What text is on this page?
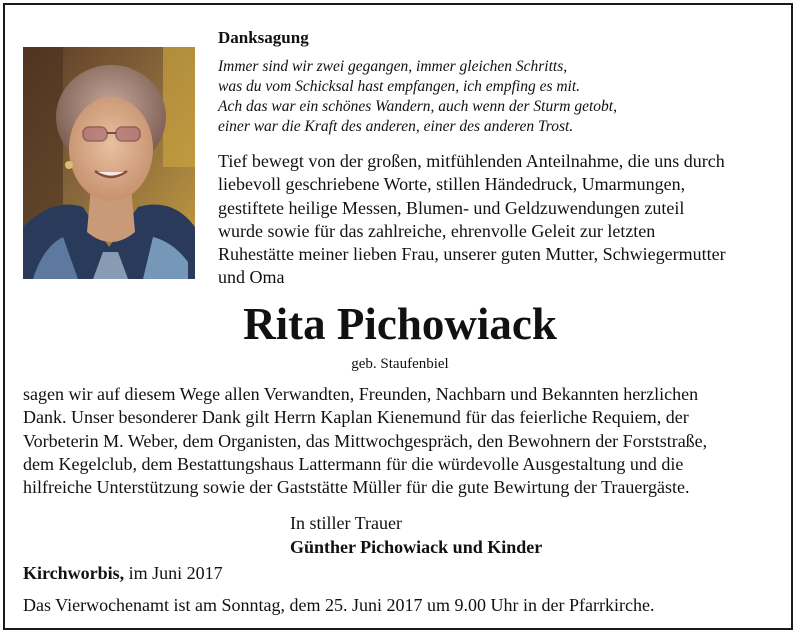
Danksagung
Immer sind wir zwei gegangen, immer gleichen Schritts,
was du vom Schicksal hast empfangen, ich empfing es mit.
Ach das war ein schönes Wandern, auch wenn der Sturm getobt,
einer war die Kraft des anderen, einer des anderen Trost.
Tief bewegt von der großen, mitfühlenden Anteilnahme, die uns durch
liebevoll geschriebene Worte, stillen Händedruck, Umarmungen,
gestiftete heilige Messen, Blumen- und Geldzuwendungen zuteil
wurde sowie für das zahlreiche, ehrenvolle Geleit zur letzten
Ruhestätte meiner lieben Frau, unserer guten Mutter, Schwiegermutter
und Oma
Rita Pichowiack
geb. Staufenbiel
sagen wir auf diesem Wege allen Verwandten, Freunden, Nachbarn und Bekannten herzlichen
Dank. Unser besonderer Dank gilt Herrn Kaplan Kienemund für das feierliche Requiem, der
Vorbeterin M. Weber, dem Organisten, das Mittwochgespräch, den Bewohnern der Forststraße,
dem Kegelclub, dem Bestattungshaus Lattermann für die würdevolle Ausgestaltung und die
hilfreiche Unterstützung sowie der Gaststätte Müller für die gute Bewirtung der Trauergäste.
In stiller Trauer
Günther Pichowiack und Kinder
Kirchworbis, im Juni 2017
Das Vierwochenamt ist am Sonntag, dem 25. Juni 2017 um 9.00 Uhr in der Pfarrkirche.
